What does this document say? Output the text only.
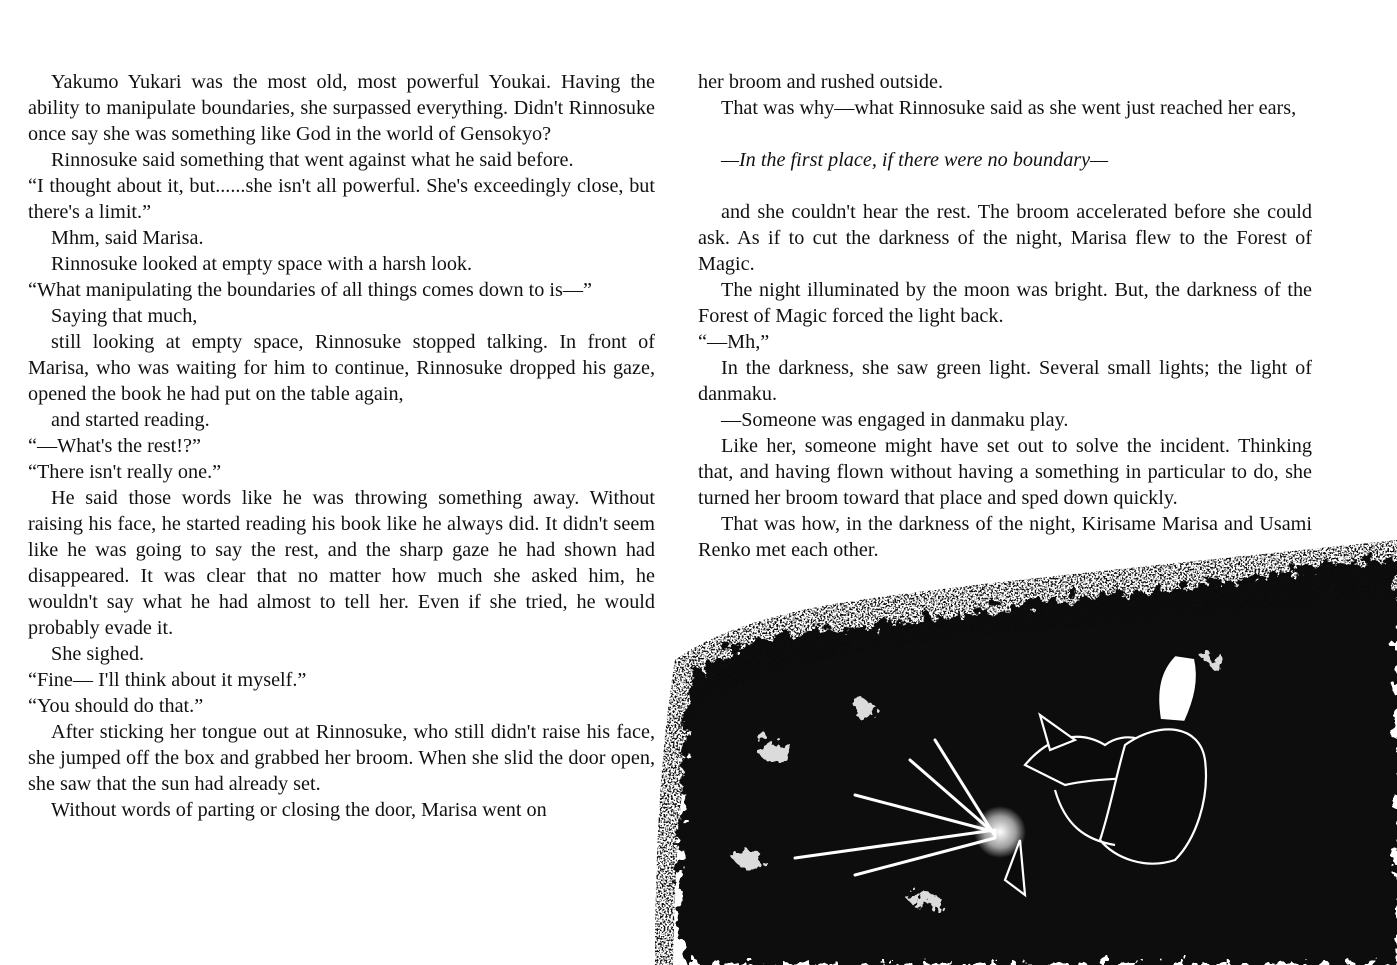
Yakumo Yukari was the most old, most powerful Youkai. Having the ability to manipulate boundaries, she surpassed everything. Didn't Rinnosuke once say she was something like God in the world of Gensokyo?

Rinnosuke said something that went against what he said before.

“I thought about it, but......she isn't all powerful. She's exceedingly close, but there's a limit.”

Mhm, said Marisa.

Rinnosuke looked at empty space with a harsh look.

“What manipulating the boundaries of all things comes down to is—”

Saying that much,

still looking at empty space, Rinnosuke stopped talking. In front of Marisa, who was waiting for him to continue, Rinnosuke dropped his gaze, opened the book he had put on the table again,

and started reading.

“—What's the rest!?”

“There isn't really one.”

He said those words like he was throwing something away. Without raising his face, he started reading his book like he always did. It didn't seem like he was going to say the rest, and the sharp gaze he had shown had disappeared. It was clear that no matter how much she asked him, he wouldn't say what he had almost to tell her. Even if she tried, he would probably evade it.

She sighed.

“Fine— I'll think about it myself.”

“You should do that.”

After sticking her tongue out at Rinnosuke, who still didn't raise his face, she jumped off the box and grabbed her broom. When she slid the door open, she saw that the sun had already set.

Without words of parting or closing the door, Marisa went on

her broom and rushed outside.

That was why—what Rinnosuke said as she went just reached her ears,

—In the first place, if there were no boundary—

and she couldn't hear the rest. The broom accelerated before she could ask. As if to cut the darkness of the night, Marisa flew to the Forest of Magic.

The night illuminated by the moon was bright. But, the darkness of the Forest of Magic forced the light back.

“—Mh,”

In the darkness, she saw green light. Several small lights; the light of danmaku.

—Someone was engaged in danmaku play.

Like her, someone might have set out to solve the incident. Thinking that, and having flown without having a something in particular to do, she turned her broom toward that place and sped down quickly.

That was how, in the darkness of the night, Kirisame Marisa and Usami Renko met each other.
